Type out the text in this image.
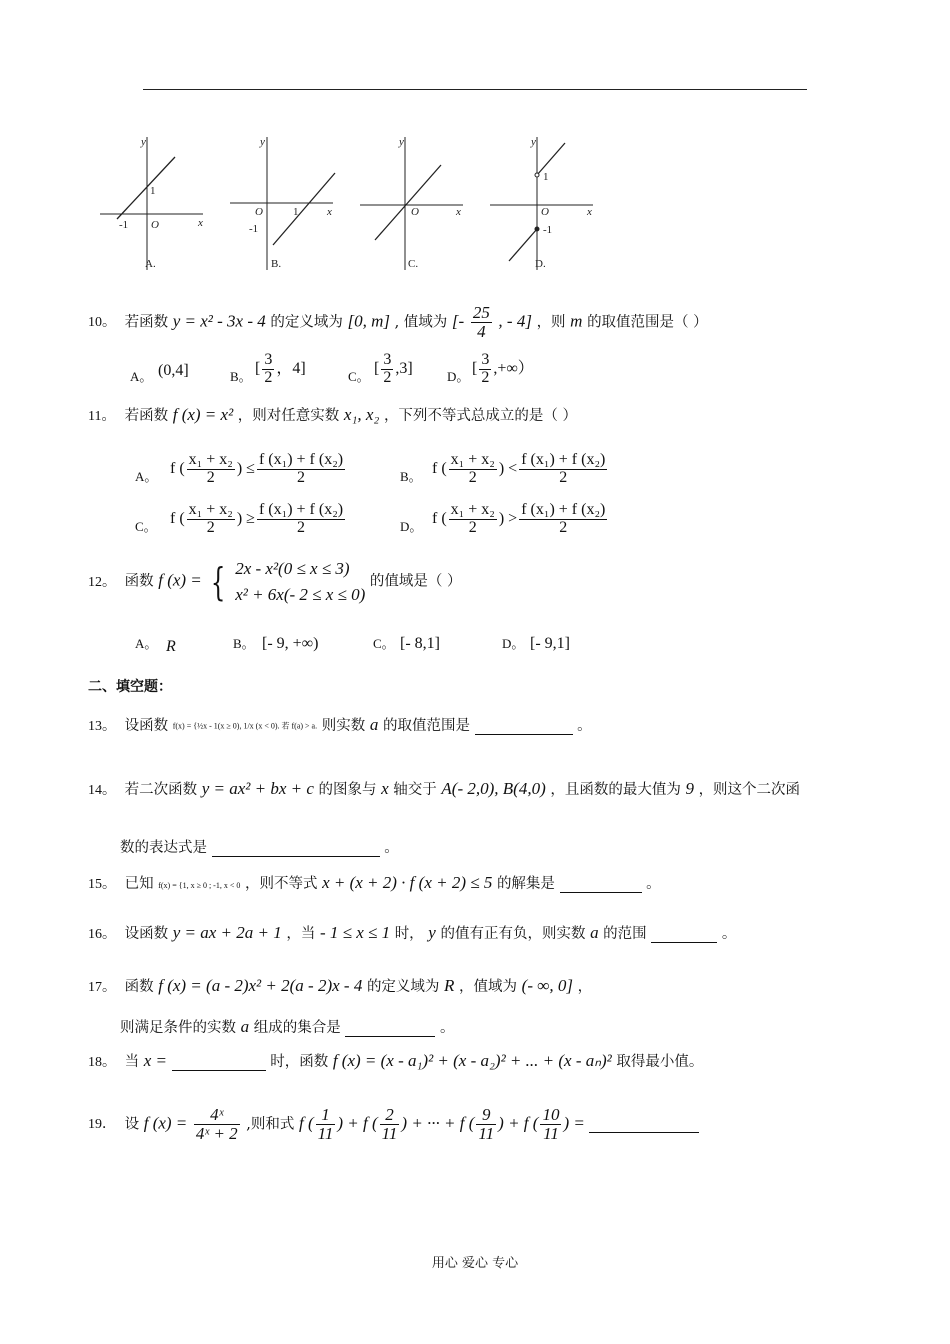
y
x
O
1
-1
A.
y
x
O	1
-1
B.
y
x
O
C.
y
x
O
1
-1
D.
10。 若函数 y = x² - 3x - 4 的定义域为 [0, m] , 值域为 [- $\frac{25}{4}$ , - 4] ，则 m 的取值范围是（ ）
A。 (0,4]	B。 [ $\frac{3}{2}$ ，4]	C。 [ $\frac{3}{2} ,3$]	D。 [ $\frac{3}{2}$ ,+∞）
11。 若函数 f (x) = x² ，则对任意实数 x₁, x₂ ，下列不等式总成立的是（ ）
A。 f ( $\frac{\text{x₁ + x₂}}{2}$ ) ≤ $\frac{\text{f (x₁) + f (x₂)}}{2}$	B。 f ( $\frac{\text{x₁ + x₂}}{2}$ ) < $\frac{\text{f (x₁) + f (x₂)}}{2}$
C。 f ( $\frac{\text{x₁ + x₂}}{2}$ ) ≥ $\frac{\text{f (x₁) + f (x₂)}}{2}$	D。 f ( $\frac{\text{x₁ + x₂}}{2}$ ) > $\frac{\text{f (x₁) + f (x₂)}}{2}$
12。 函数 f (x) = { 2x - x²(0 ≤ x ≤ 3)
x² + 6x(- 2 ≤ x ≤ 0) 的值域是（ ）
A。 R	B。 [- 9, +∞)	C。 [- 8,1]	D。 [- 9,1]
二、填空题：
13。 设函数 f(x) = {½x - 1(x ≥ 0), 1/x (x < 0). 若 f(a) > a. 则实数 a 的取值范围是	。
14。 若二次函数 y = ax² + bx + c 的图象与 x 轴交于 A(- 2,0), B(4,0) ，且函数的最大值为 9 ，则这个二次函
数的表达式是	。
15。 已知 f(x) = {1, x ≥ 0 ; -1, x < 0 ，则不等式 x + (x + 2) · f (x + 2) ≤ 5 的解集是	。
16。 设函数 y = ax + 2a + 1 ，当 - 1 ≤ x ≤ 1 时， y 的值有正有负，则实数 a 的范围	。
17。 函数 f (x) = (a - 2)x² + 2(a - 2)x - 4 的定义域为 R ，值域为 (- ∞, 0] ，
则满足条件的实数 a 组成的集合是	。
18。 当 x =	时，函数 f (x) = (x - a₁)² + (x - a₂)² + ... + (x - aₙ)² 取得最小值。
19． 设 f $(x) = \frac{\text{4ˣ}}{\text{4ˣ + 2}}$ ,则和式 f ( $\frac{1}{11}$ ) + f ( $\frac{2}{11}$ ) + ··· + f ( $\frac{9}{11}$ ) + f ( $\frac{10}{11}$ ) =
用心 爱心 专心
